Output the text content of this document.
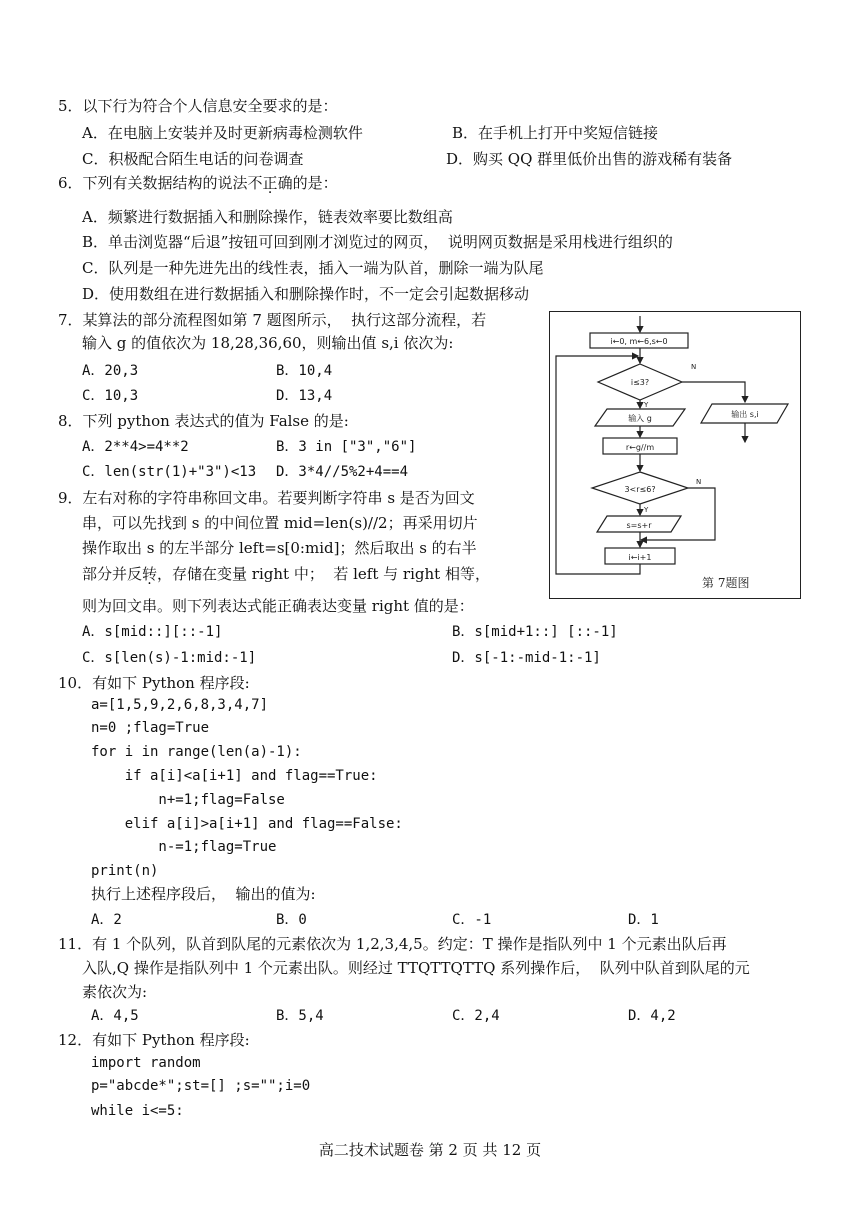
5．以下行为符合个人信息安全要求的是：
A．在电脑上安装并及时更新病毒检测软件	B．在手机上打开中奖短信链接
C．积极配合陌生电话的问卷调查	D．购买 QQ 群里低价出售的游戏稀有装备
6．下列有关数据结构的说法不正确的是：
A．频繁进行数据插入和删除操作，链表效率要比数组高
B．单击浏览器“后退”按钮可回到刚才浏览过的网页，  说明网页数据是采用栈进行组织的
C．队列是一种先进先出的线性表，插入一端为队首，删除一端为队尾
D．使用数组在进行数据插入和删除操作时，不一定会引起数据移动
7．某算法的部分流程图如第 7 题图所示，  执行这部分流程，若
输入 g 的值依次为 18,28,36,60，则输出值 s,i 依次为:
A．20,3	B．10,4
C．10,3	D．13,4
i←0, m←6,s←0
i≤3?
输入 g
r←g//m
3<r≤6?
s=s+r
i←i+1
输出 s,i
Y
N
Y
N
第 7题图
8．下列 python 表达式的值为 False 的是:
A．2**4>=4**2	B．3 in ["3","6"]
C．len(str(1)+"3")<13 D．3*4//5%2+4==4
9．左右对称的字符串称回文串。若要判断字符串 s 是否为回文
串，可以先找到 s 的中间位置 mid=len(s)//2；再采用切片
操作取出 s 的左半部分 left=s[0:mid]；然后取出 s 的右半
部分并反转，存储在变量 right 中；  若 left 与 right 相等，
则为回文串。则下列表达式能正确表达变量 right 值的是：
A．s[mid::][::-1]	B．s[mid+1::] [::-1]
C．s[len(s)-1:mid:-1]	D．s[-1:-mid-1:-1]
10．有如下 Python 程序段:
a=[1,5,9,2,6,8,3,4,7]
n=0 ;flag=True
for i in range(len(a)-1):
if a[i]<a[i+1] and flag==True:
n+=1;flag=False
elif a[i]>a[i+1] and flag==False:
n-=1;flag=True
print(n)
执行上述程序段后，  输出的值为:
A．2	B．0	C．-1	D．1
11．有 1 个队列，队首到队尾的元素依次为 1,2,3,4,5。约定：T 操作是指队列中 1 个元素出队后再
入队,Q 操作是指队列中 1 个元素出队。则经过 TTQTTQTTQ 系列操作后，  队列中队首到队尾的元
素依次为:
A．4,5	B．5,4	C．2,4	D．4,2
12．有如下 Python 程序段:
import random
p="abcde*";st=[] ;s="";i=0
while i<=5:
高二技术试题卷 第 2 页 共 12 页
